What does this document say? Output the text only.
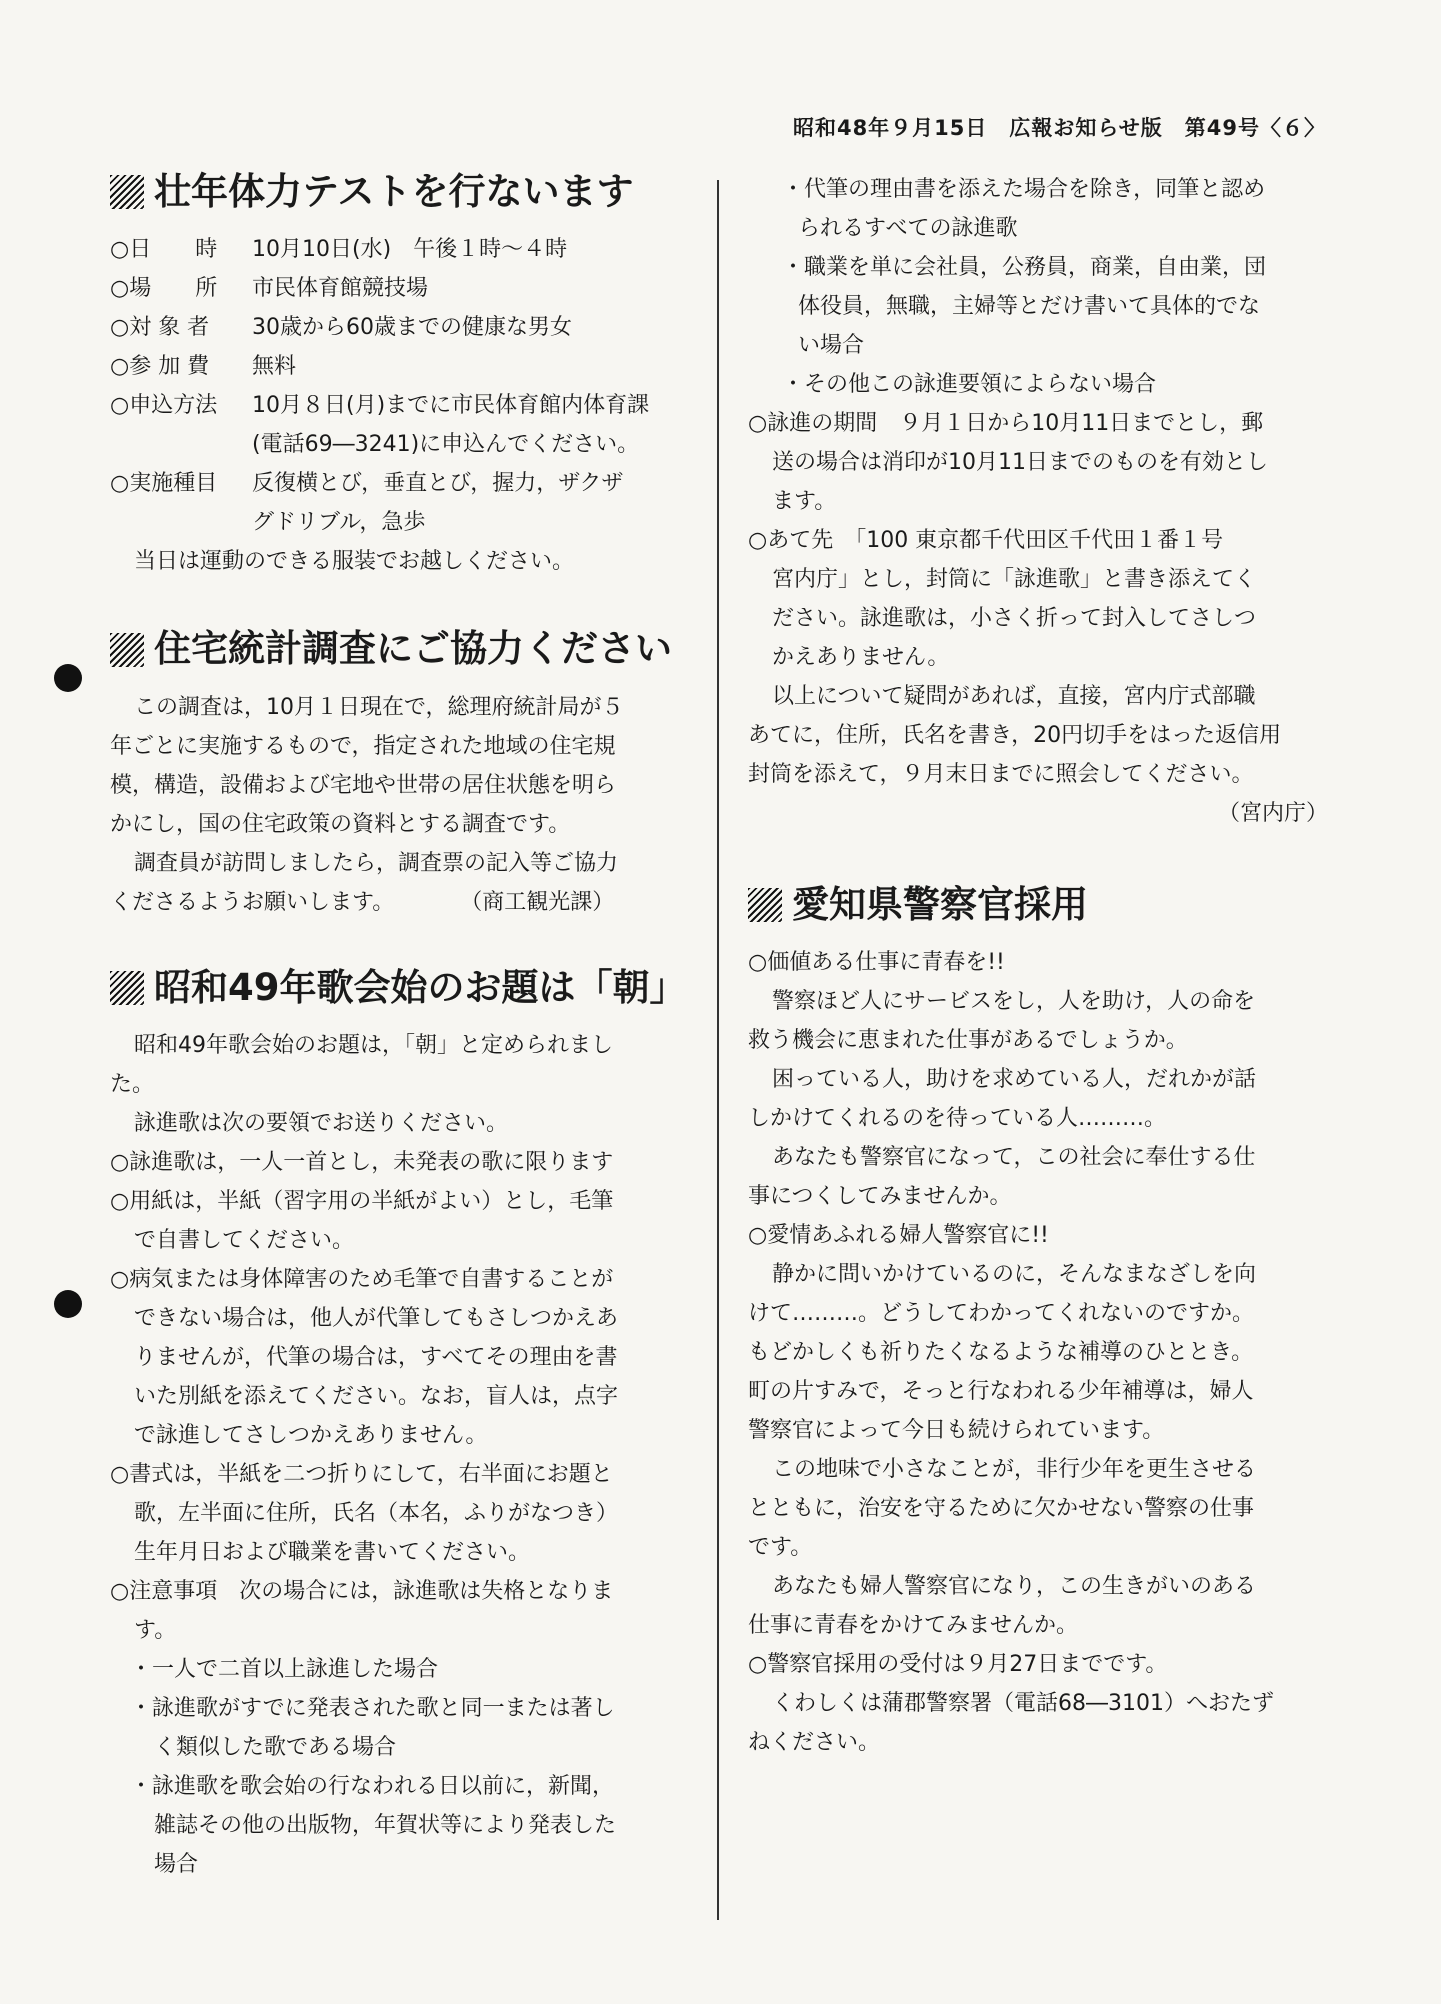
昭和48年９月15日　広報お知らせ版　第49号〈６〉
壮年体力テストを行ないます
○日　　時	10月10日(水)　午後１時～４時
○場　　所	市民体育館競技場
○対 象 者	30歳から60歳までの健康な男女
○参 加 費	無料
○申込方法	10月８日(月)までに市民体育館内体育課
(電話69―3241)に申込んでください。
○実施種目	反復横とび，垂直とび，握力，ザクザ
グドリブル，急歩

当日は運動のできる服装でお越しください。

住宅統計調査にご協力ください

この調査は，10月１日現在で，総理府統計局が５

年ごとに実施するもので，指定された地域の住宅規

模，構造，設備および宅地や世帯の居住状態を明ら

かにし，国の住宅政策の資料とする調査です。

調査員が訪問しましたら，調査票の記入等ご協力

くださるようお願いします。　　　　（商工観光課）

昭和49年歌会始のお題は「朝」

昭和49年歌会始のお題は，「朝」と定められまし

た。

詠進歌は次の要領でお送りください。

○詠進歌は，一人一首とし，未発表の歌に限ります

○用紙は，半紙（習字用の半紙がよい）とし，毛筆

で自書してください。

○病気または身体障害のため毛筆で自書することが

できない場合は，他人が代筆してもさしつかえあ

りませんが，代筆の場合は，すべてその理由を書

いた別紙を添えてください。なお，盲人は，点字

で詠進してさしつかえありません。

○書式は，半紙を二つ折りにして，右半面にお題と

歌，左半面に住所，氏名（本名，ふりがなつき）

生年月日および職業を書いてください。

○注意事項　次の場合には，詠進歌は失格となりま

す。

・一人で二首以上詠進した場合

・詠進歌がすでに発表された歌と同一または著し

く類似した歌である場合

・詠進歌を歌会始の行なわれる日以前に，新聞，

雑誌その他の出版物，年賀状等により発表した

場合

・代筆の理由書を添えた場合を除き，同筆と認め

られるすべての詠進歌

・職業を単に会社員，公務員，商業，自由業，団

体役員，無職，主婦等とだけ書いて具体的でな

い場合

・その他この詠進要領によらない場合

○詠進の期間　９月１日から10月11日までとし，郵

送の場合は消印が10月11日までのものを有効とし

ます。

○あて先　「100 東京都千代田区千代田１番１号

宮内庁」とし，封筒に「詠進歌」と書き添えてく

ださい。詠進歌は，小さく折って封入してさしつ

かえありません。

以上について疑問があれば，直接，宮内庁式部職

あてに，住所，氏名を書き，20円切手をはった返信用

封筒を添えて，９月末日までに照会してください。

（宮内庁）

愛知県警察官採用

○価値ある仕事に青春を!!

警察ほど人にサービスをし，人を助け，人の命を

救う機会に恵まれた仕事があるでしょうか。

困っている人，助けを求めている人，だれかが話

しかけてくれるのを待っている人………。

あなたも警察官になって，この社会に奉仕する仕

事につくしてみませんか。

○愛情あふれる婦人警察官に!!

静かに問いかけているのに，そんなまなざしを向

けて………。どうしてわかってくれないのですか。

もどかしくも祈りたくなるような補導のひととき。

町の片すみで，そっと行なわれる少年補導は，婦人

警察官によって今日も続けられています。

この地味で小さなことが，非行少年を更生させる

とともに，治安を守るために欠かせない警察の仕事

です。

あなたも婦人警察官になり，この生きがいのある

仕事に青春をかけてみませんか。

○警察官採用の受付は９月27日までです。

くわしくは蒲郡警察署（電話68―3101）へおたず

ねください。
